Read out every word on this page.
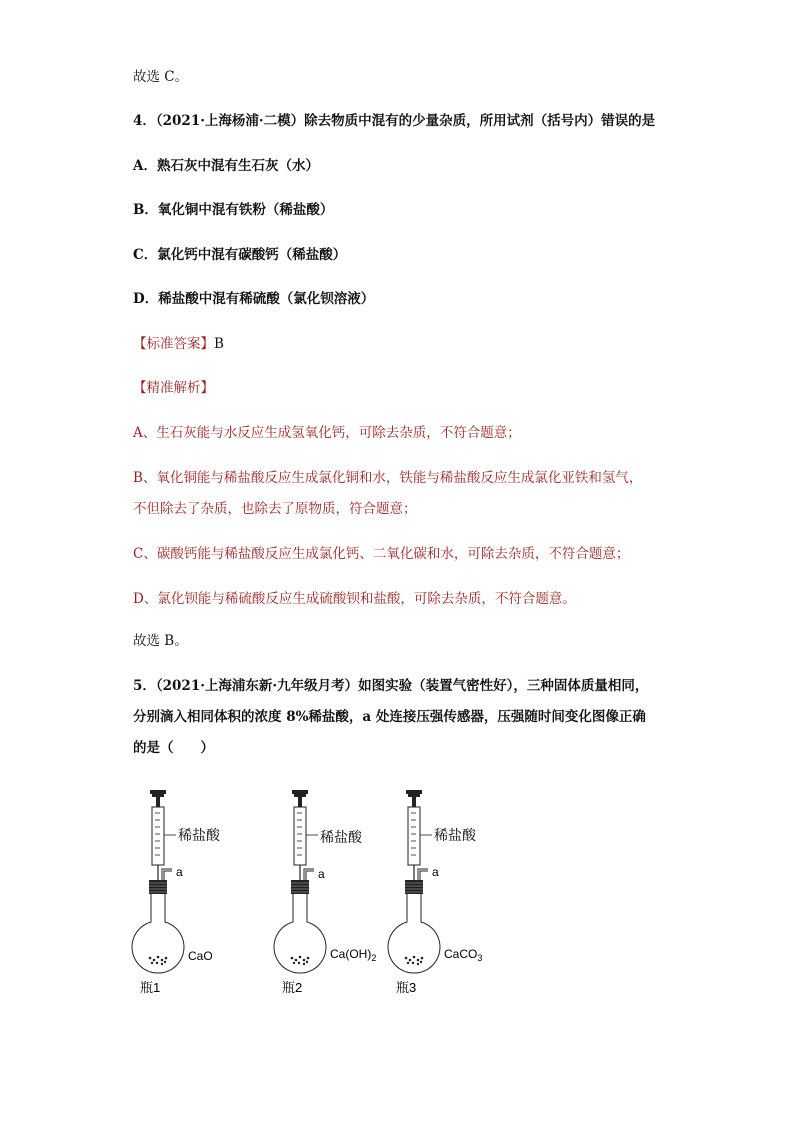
故选 C。
4．（2021·上海杨浦·二模）除去物质中混有的少量杂质，所用试剂（括号内）错误的是
A．熟石灰中混有生石灰（水）
B．氧化铜中混有铁粉（稀盐酸）
C．氯化钙中混有碳酸钙（稀盐酸）
D．稀盐酸中混有稀硫酸（氯化钡溶液）
【标准答案】B
【精准解析】
A、生石灰能与水反应生成氢氧化钙，可除去杂质，不符合题意；
B、氧化铜能与稀盐酸反应生成氯化铜和水，铁能与稀盐酸反应生成氯化亚铁和氢气，
不但除去了杂质，也除去了原物质，符合题意；
C、碳酸钙能与稀盐酸反应生成氯化钙、二氧化碳和水，可除去杂质，不符合题意；
D、氯化钡能与稀硫酸反应生成硫酸钡和盐酸，可除去杂质，不符合题意。
故选 B。
5．（2021·上海浦东新·九年级月考）如图实验（装置气密性好），三种固体质量相同，
分别滴入相同体积的浓度 8%稀盐酸，a 处连接压强传感器，压强随时间变化图像正确
的是（　　）
稀盐酸
a
CaO
瓶1
稀盐酸
a
$Ca(OH)_2$
瓶2
稀盐酸
a
CaCO$_3$
瓶3
